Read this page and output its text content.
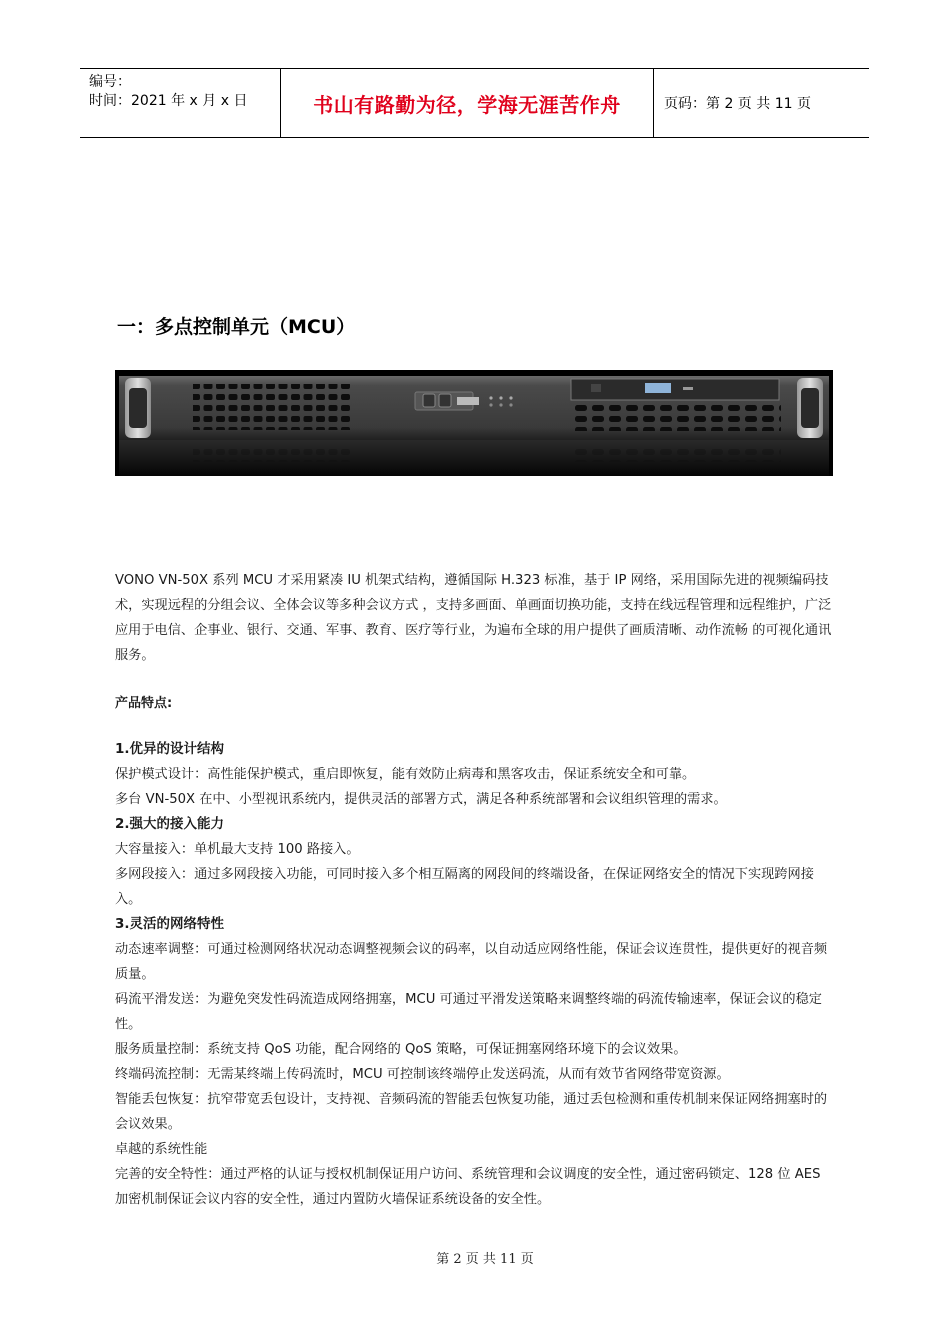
编号：
时间：2021 年 x 月 x 日	书山有路勤为径，学海无涯苦作舟	页码：第 2 页 共 11 页
一：多点控制单元（MCU）

VONO VN-50X 系列 MCU 才采用紧凑 IU 机架式结构，遵循国际 H.323 标准，基于 IP 网络，采用国际先进的视频编码技术，实现远程的分组会议、全体会议等多种会议方式 ，支持多画面、单画面切换功能，支持在线远程管理和远程维护，广泛应用于电信、企事业、银行、交通、军事、教育、医疗等行业，为遍布全球的用户提供了画质清晰、动作流畅 的可视化通讯服务。

产品特点:
1.优异的设计结构
保护模式设计：高性能保护模式，重启即恢复，能有效防止病毒和黑客攻击，保证系统安全和可靠。
多台 VN-50X 在中、小型视讯系统内，提供灵活的部署方式，满足各种系统部署和会议组织管理的需求。
2.强大的接入能力
大容量接入：单机最大支持 100 路接入。
多网段接入：通过多网段接入功能，可同时接入多个相互隔离的网段间的终端设备，在保证网络安全的情况下实现跨网接入。
3.灵活的网络特性
动态速率调整：可通过检测网络状况动态调整视频会议的码率，以自动适应网络性能，保证会议连贯性，提供更好的视音频质量。
码流平滑发送：为避免突发性码流造成网络拥塞，MCU 可通过平滑发送策略来调整终端的码流传输速率，保证会议的稳定性。
服务质量控制：系统支持 QoS 功能，配合网络的 QoS 策略，可保证拥塞网络环境下的会议效果。
终端码流控制：无需某终端上传码流时，MCU 可控制该终端停止发送码流，从而有效节省网络带宽资源。
智能丢包恢复：抗窄带宽丢包设计，支持视、音频码流的智能丢包恢复功能，通过丢包检测和重传机制来保证网络拥塞时的会议效果。
卓越的系统性能
完善的安全特性：通过严格的认证与授权机制保证用户访问、系统管理和会议调度的安全性，通过密码锁定、128 位 AES 加密机制保证会议内容的安全性，通过内置防火墙保证系统设备的安全性。
第 2 页 共 11 页
